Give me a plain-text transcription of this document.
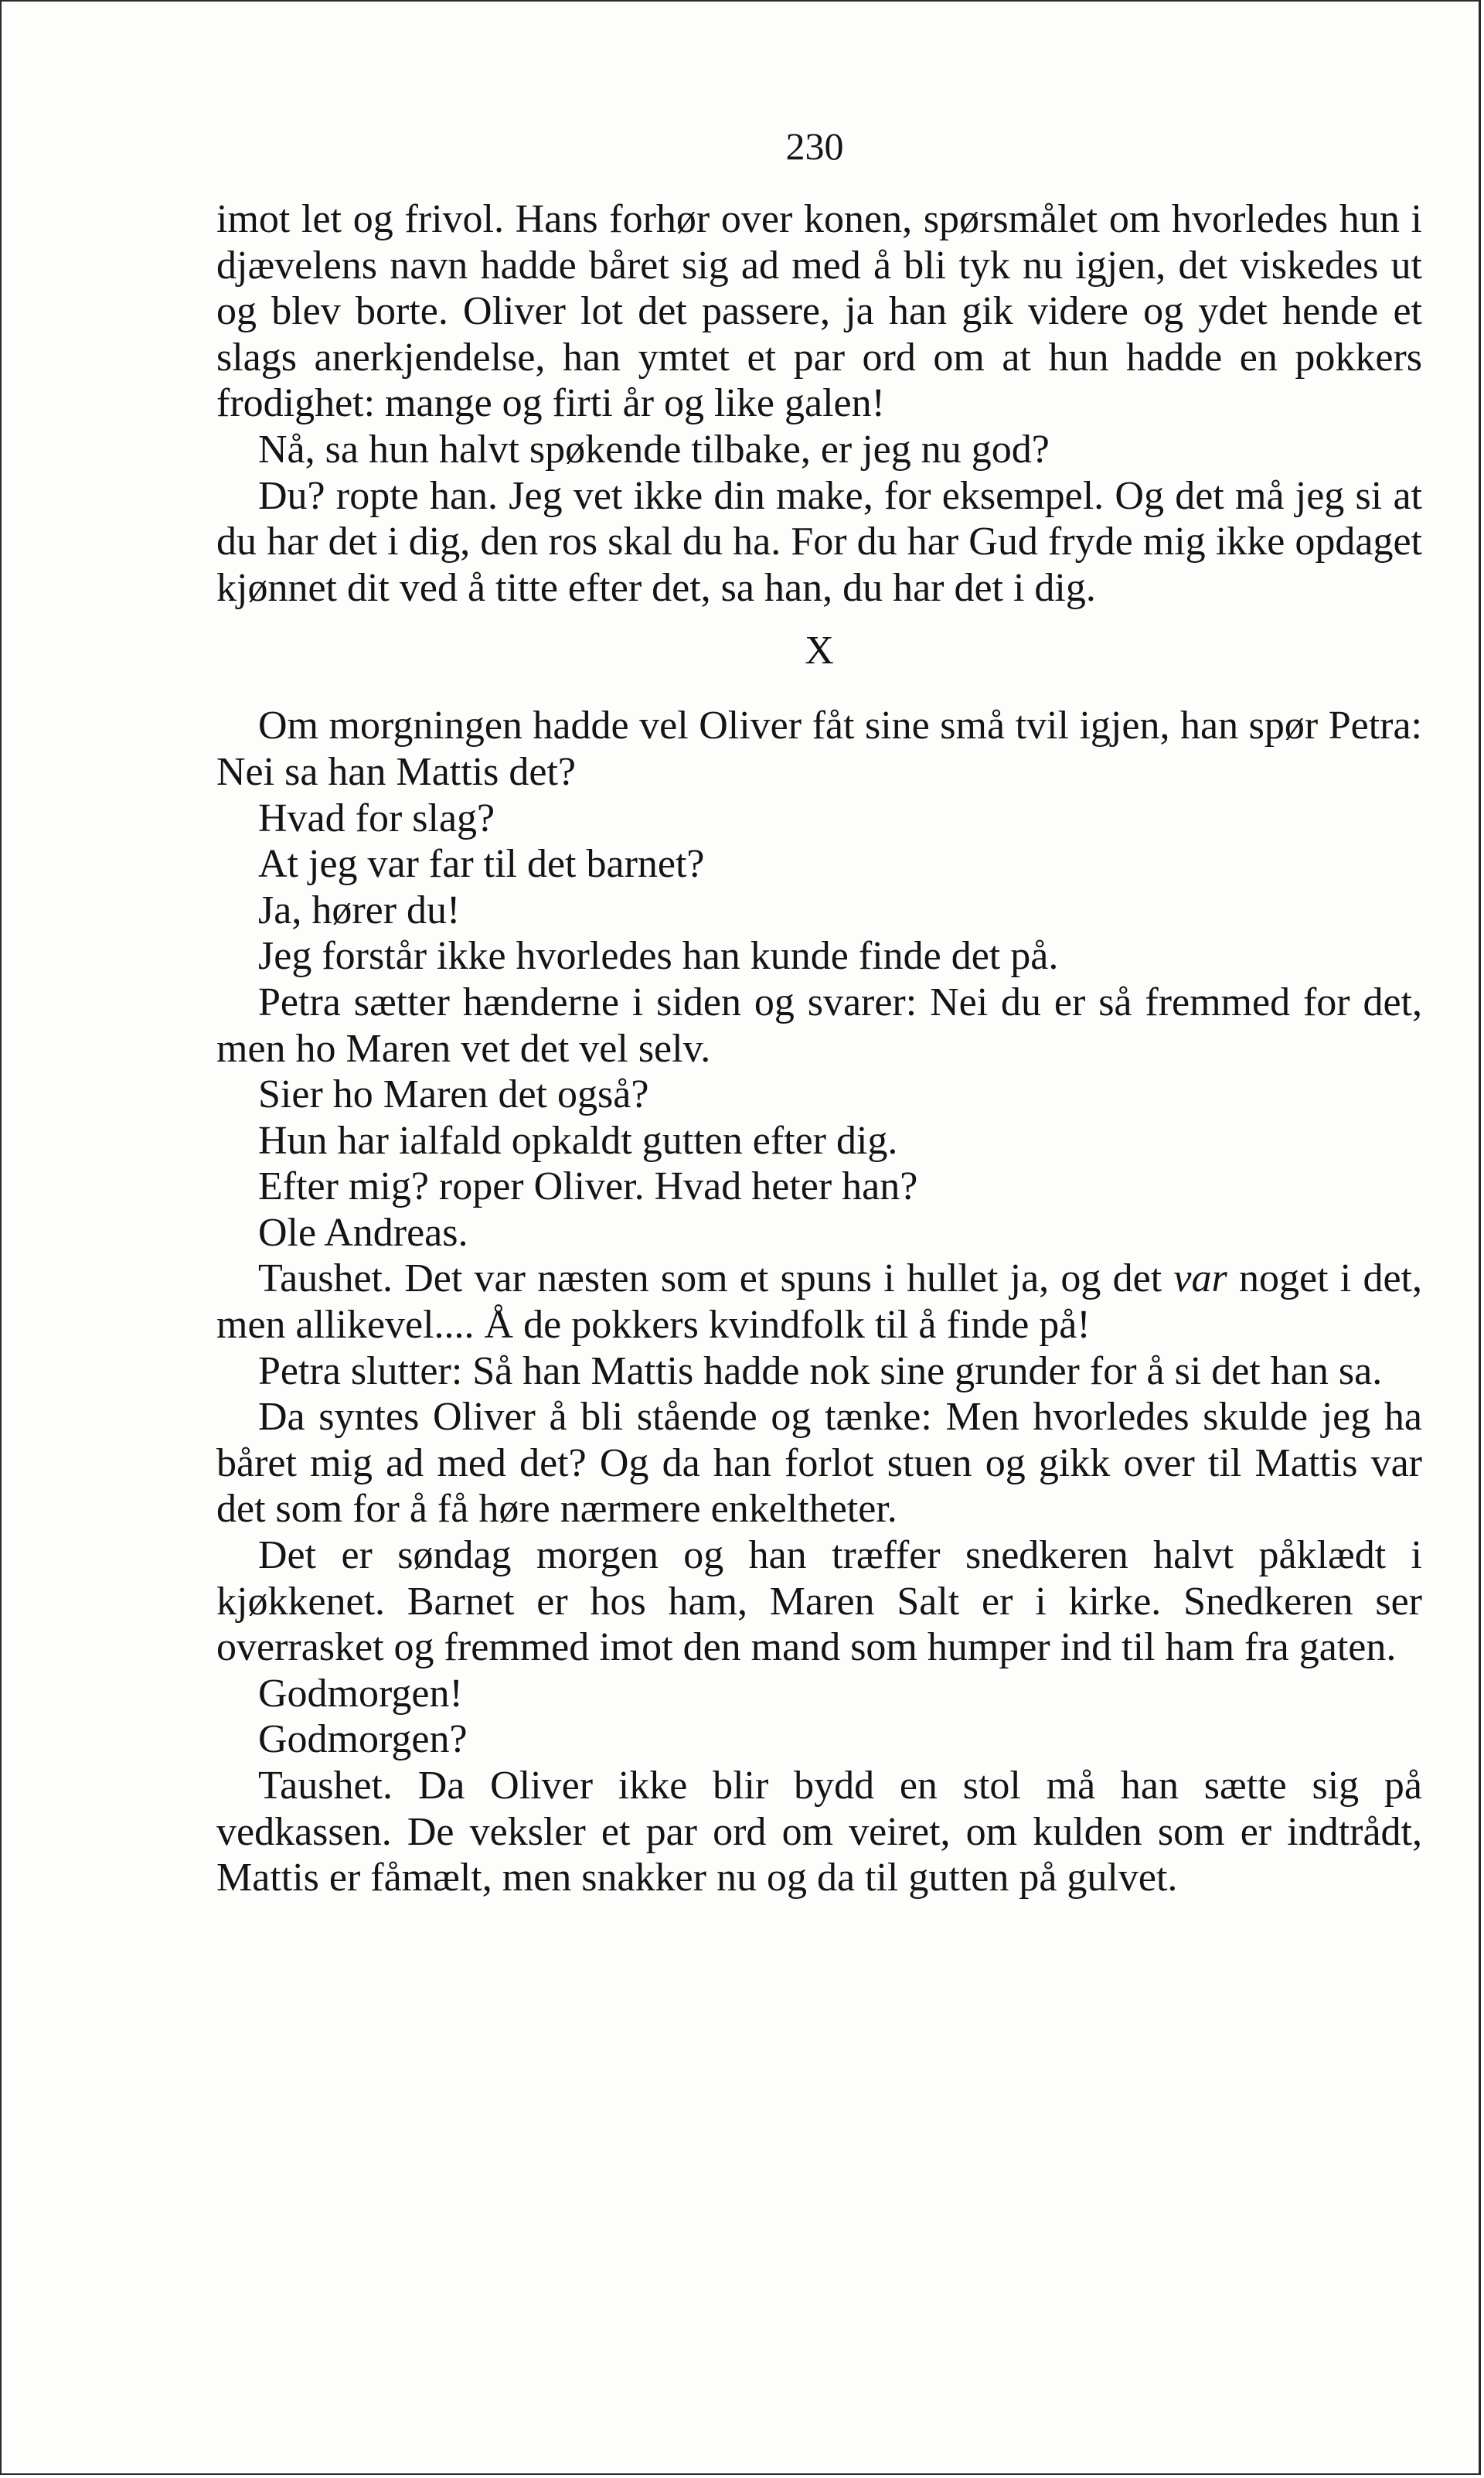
230

imot let og frivol. Hans forhør over konen, spørsmålet om hvorledes hun i djævelens navn hadde båret sig ad med å bli tyk nu igjen, det viskedes ut og blev borte. Oliver lot det passere, ja han gik videre og ydet hende et slags anerkjendelse, han ymtet et par ord om at hun hadde en pokkers frodighet: mange og firti år og like galen!

Nå, sa hun halvt spøkende tilbake, er jeg nu god?

Du? ropte han. Jeg vet ikke din make, for eksempel. Og det må jeg si at du har det i dig, den ros skal du ha. For du har Gud fryde mig ikke opdaget kjønnet dit ved å titte efter det, sa han, du har det i dig.

X

Om morgningen hadde vel Oliver fåt sine små tvil igjen, han spør Petra: Nei sa han Mattis det?

Hvad for slag?

At jeg var far til det barnet?

Ja, hører du!

Jeg forstår ikke hvorledes han kunde finde det på.

Petra sætter hænderne i siden og svarer: Nei du er så fremmed for det, men ho Maren vet det vel selv.

Sier ho Maren det også?

Hun har ialfald opkaldt gutten efter dig.

Efter mig? roper Oliver. Hvad heter han?

Ole Andreas.

Taushet. Det var næsten som et spuns i hullet ja, og det var noget i det, men allikevel.... Å de pokkers kvindfolk til å finde på!

Petra slutter: Så han Mattis hadde nok sine grunder for å si det han sa.

Da syntes Oliver å bli stående og tænke: Men hvorledes skulde jeg ha båret mig ad med det? Og da han forlot stuen og gikk over til Mattis var det som for å få høre nærmere enkeltheter.

Det er søndag morgen og han træffer snedkeren halvt påklædt i kjøkkenet. Barnet er hos ham, Maren Salt er i kirke. Snedkeren ser overrasket og fremmed imot den mand som humper ind til ham fra gaten.

Godmorgen!

Godmorgen?

Taushet. Da Oliver ikke blir bydd en stol må han sætte sig på vedkassen. De veksler et par ord om veiret, om kulden som er indtrådt, Mattis er fåmælt, men snakker nu og da til gutten på gulvet.
